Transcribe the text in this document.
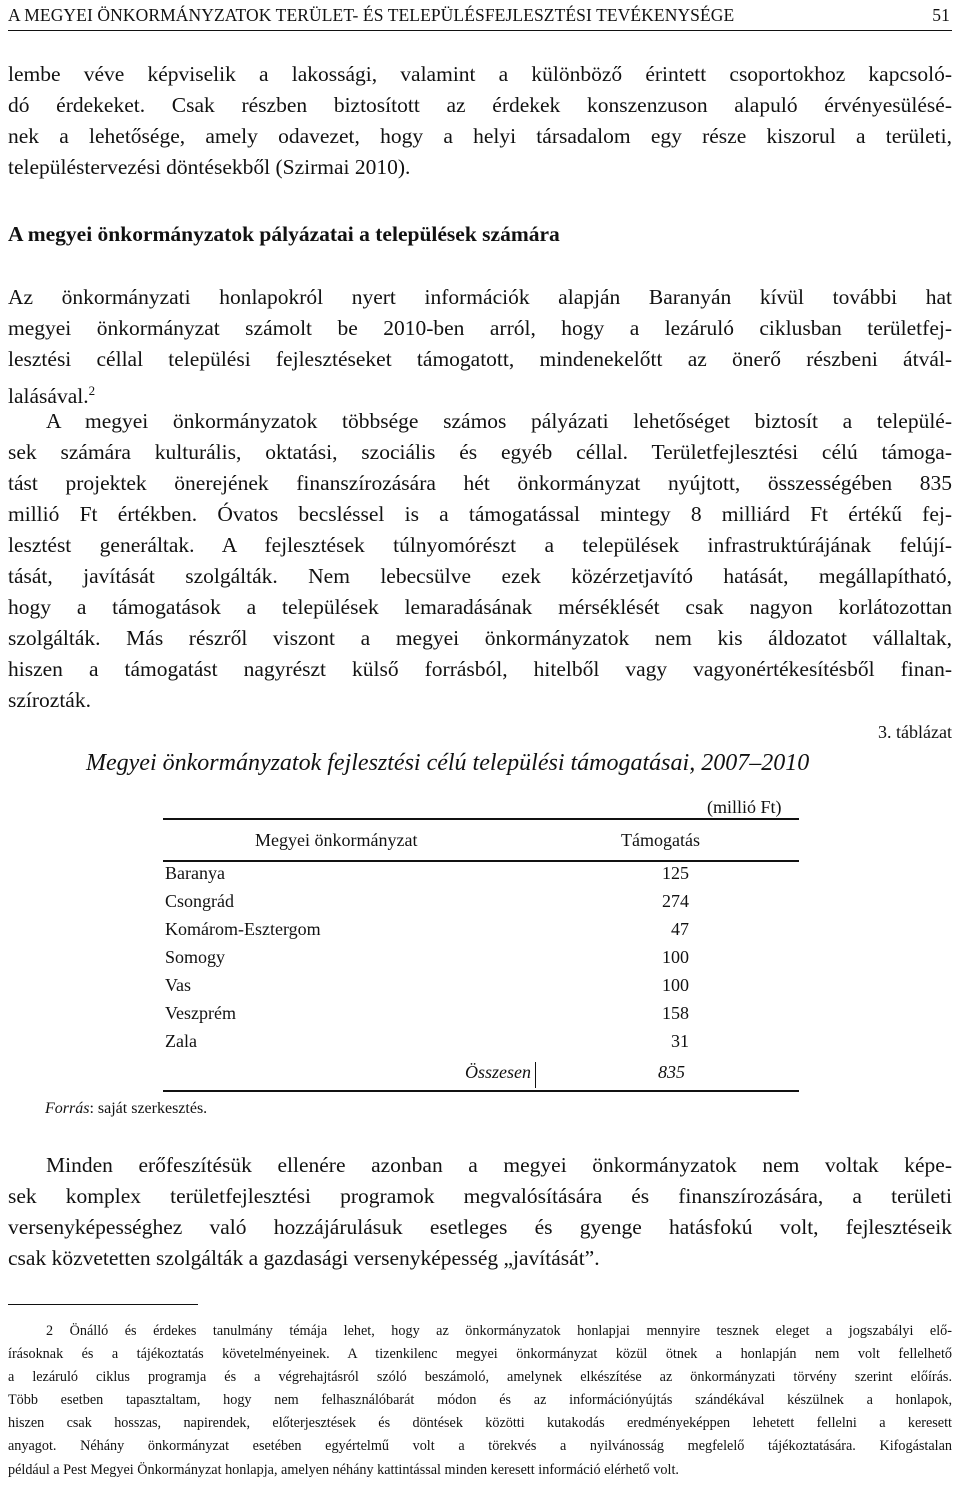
A MEGYEI ÖNKORMÁNYZATOK TERÜLET- ÉS TELEPÜLÉSFEJLESZTÉSI TEVÉKENYSÉGE	51
lembe véve képviselik a lakossági, valamint a különböző érintett csoportokhoz kapcsoló-
dó érdekeket. Csak részben biztosított az érdekek konszenzuson alapuló érvényesülésé-
nek a lehetősége, amely odavezet, hogy a helyi társadalom egy része kiszorul a területi,
településtervezési döntésekből (Szirmai 2010).
A megyei önkormányzatok pályázatai a települések számára
Az önkormányzati honlapokról nyert információk alapján Baranyán kívül további hat
megyei önkormányzat számolt be 2010-ben arról, hogy a lezáruló ciklusban területfej-
lesztési céllal települési fejlesztéseket támogatott, mindenekelőtt az önerő részbeni átvál-
lalásával.$^2$
A megyei önkormányzatok többsége számos pályázati lehetőséget biztosít a települé-
sek számára kulturális, oktatási, szociális és egyéb céllal. Területfejlesztési célú támoga-
tást projektek önerejének finanszírozására hét önkormányzat nyújtott, összességében 835
millió Ft értékben. Óvatos becsléssel is a támogatással mintegy 8 milliárd Ft értékű fej-
lesztést generáltak. A fejlesztések túlnyomórészt a települések infrastruktúrájának felújí-
tását, javítását szolgálták. Nem lebecsülve ezek közérzetjavító hatását, megállapítható,
hogy a támogatások a települések lemaradásának mérséklését csak nagyon korlátozottan
szolgálták. Más részről viszont a megyei önkormányzatok nem kis áldozatot vállaltak,
hiszen a támogatást nagyrészt külső forrásból, hitelből vagy vagyonértékesítésből finan-
szírozták.
3. táblázat
Megyei önkormányzatok fejlesztési célú települési támogatásai, 2007–2010
(millió Ft)
Megyei önkormányzat	Támogatás
Baranya	125
Csongrád	274
Komárom-Esztergom	47
Somogy	100
Vas	100
Veszprém	158
Zala	31
Összesen	835
Forrás: saját szerkesztés.
Minden erőfeszítésük ellenére azonban a megyei önkormányzatok nem voltak képe-
sek komplex területfejlesztési programok megvalósítására és finanszírozására, a területi
versenyképességhez való hozzájárulásuk esetleges és gyenge hatásfokú volt, fejlesztéseik
csak közvetetten szolgálták a gazdasági versenyképesség „javítását”.
2 Önálló és érdekes tanulmány témája lehet, hogy az önkormányzatok honlapjai mennyire tesznek eleget a jogszabályi elő-
írásoknak és a tájékoztatás követelményeinek. A tizenkilenc megyei önkormányzat közül ötnek a honlapján nem volt fellelhető
a lezáruló ciklus programja és a végrehajtásról szóló beszámoló, amelynek elkészítése az önkormányzati törvény szerint előírás.
Több esetben tapasztaltam, hogy nem felhasználóbarát módon és az információnyújtás szándékával készülnek a honlapok,
hiszen csak hosszas, napirendek, előterjesztések és döntések közötti kutakodás eredményeképpen lehetett fellelni a keresett
anyagot. Néhány önkormányzat esetében egyértelmű volt a törekvés a nyilvánosság megfelelő tájékoztatására. Kifogástalan
például a Pest Megyei Önkormányzat honlapja, amelyen néhány kattintással minden keresett információ elérhető volt.
